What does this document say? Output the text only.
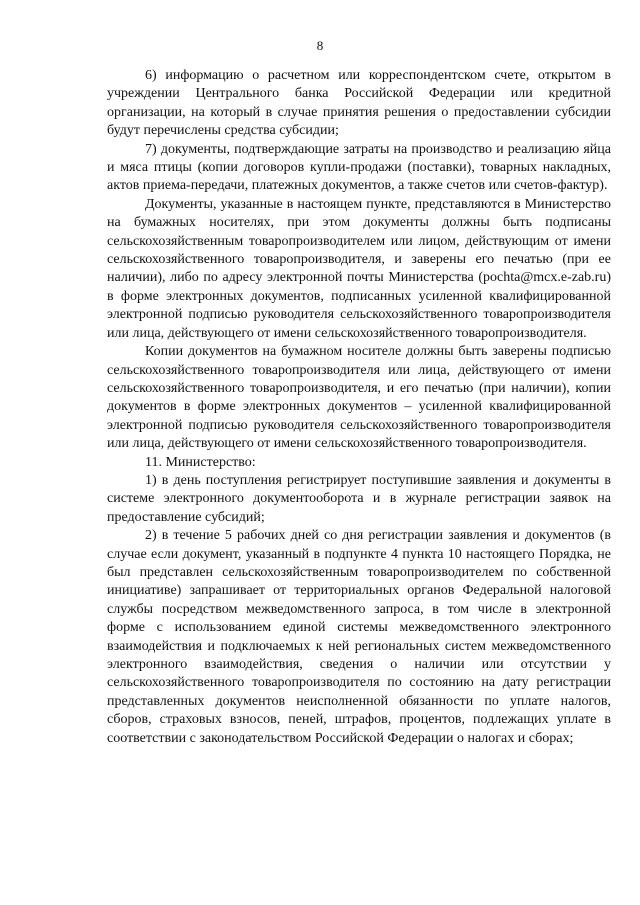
8

6) информацию о расчетном или корреспондентском счете, открытом в учреждении Центрального банка Российской Федерации или кредитной организации, на который в случае принятия решения о предоставлении субсидии будут перечислены средства субсидии;

7) документы, подтверждающие затраты на производство и реализацию яйца и мяса птицы (копии договоров купли-продажи (поставки), товарных накладных, актов приема-передачи, платежных документов, а также счетов или счетов-фактур).

Документы, указанные в настоящем пункте, представляются в Министерство на бумажных носителях, при этом документы должны быть подписаны сельскохозяйственным товаропроизводителем или лицом, действующим от имени сельскохозяйственного товаропроизводителя, и заверены его печатью (при ее наличии), либо по адресу электронной почты Министерства (pochta@mcx.e-zab.ru) в форме электронных документов, подписанных усиленной квалифицированной электронной подписью руководителя сельскохозяйственного товаропроизводителя или лица, действующего от имени сельскохозяйственного товаропроизводителя.

Копии документов на бумажном носителе должны быть заверены подписью сельскохозяйственного товаропроизводителя или лица, действующего от имени сельскохозяйственного товаропроизводителя, и его печатью (при наличии), копии документов в форме электронных документов – усиленной квалифицированной электронной подписью руководителя сельскохозяйственного товаропроизводителя или лица, действующего от имени сельскохозяйственного товаропроизводителя.

11. Министерство:

1) в день поступления регистрирует поступившие заявления и документы в системе электронного документооборота и в журнале регистрации заявок на предоставление субсидий;

2) в течение 5 рабочих дней со дня регистрации заявления и документов (в случае если документ, указанный в подпункте 4 пункта 10 настоящего Порядка, не был представлен сельскохозяйственным товаропроизводителем по собственной инициативе) запрашивает от территориальных органов Федеральной налоговой службы посредством межведомственного запроса, в том числе в электронной форме с использованием единой системы межведомственного электронного взаимодействия и подключаемых к ней региональных систем межведомственного электронного взаимодействия, сведения о наличии или отсутствии у сельскохозяйственного товаропроизводителя по состоянию на дату регистрации представленных документов неисполненной обязанности по уплате налогов, сборов, страховых взносов, пеней, штрафов, процентов, подлежащих уплате в соответствии с законодательством Российской Федерации о налогах и сборах;
